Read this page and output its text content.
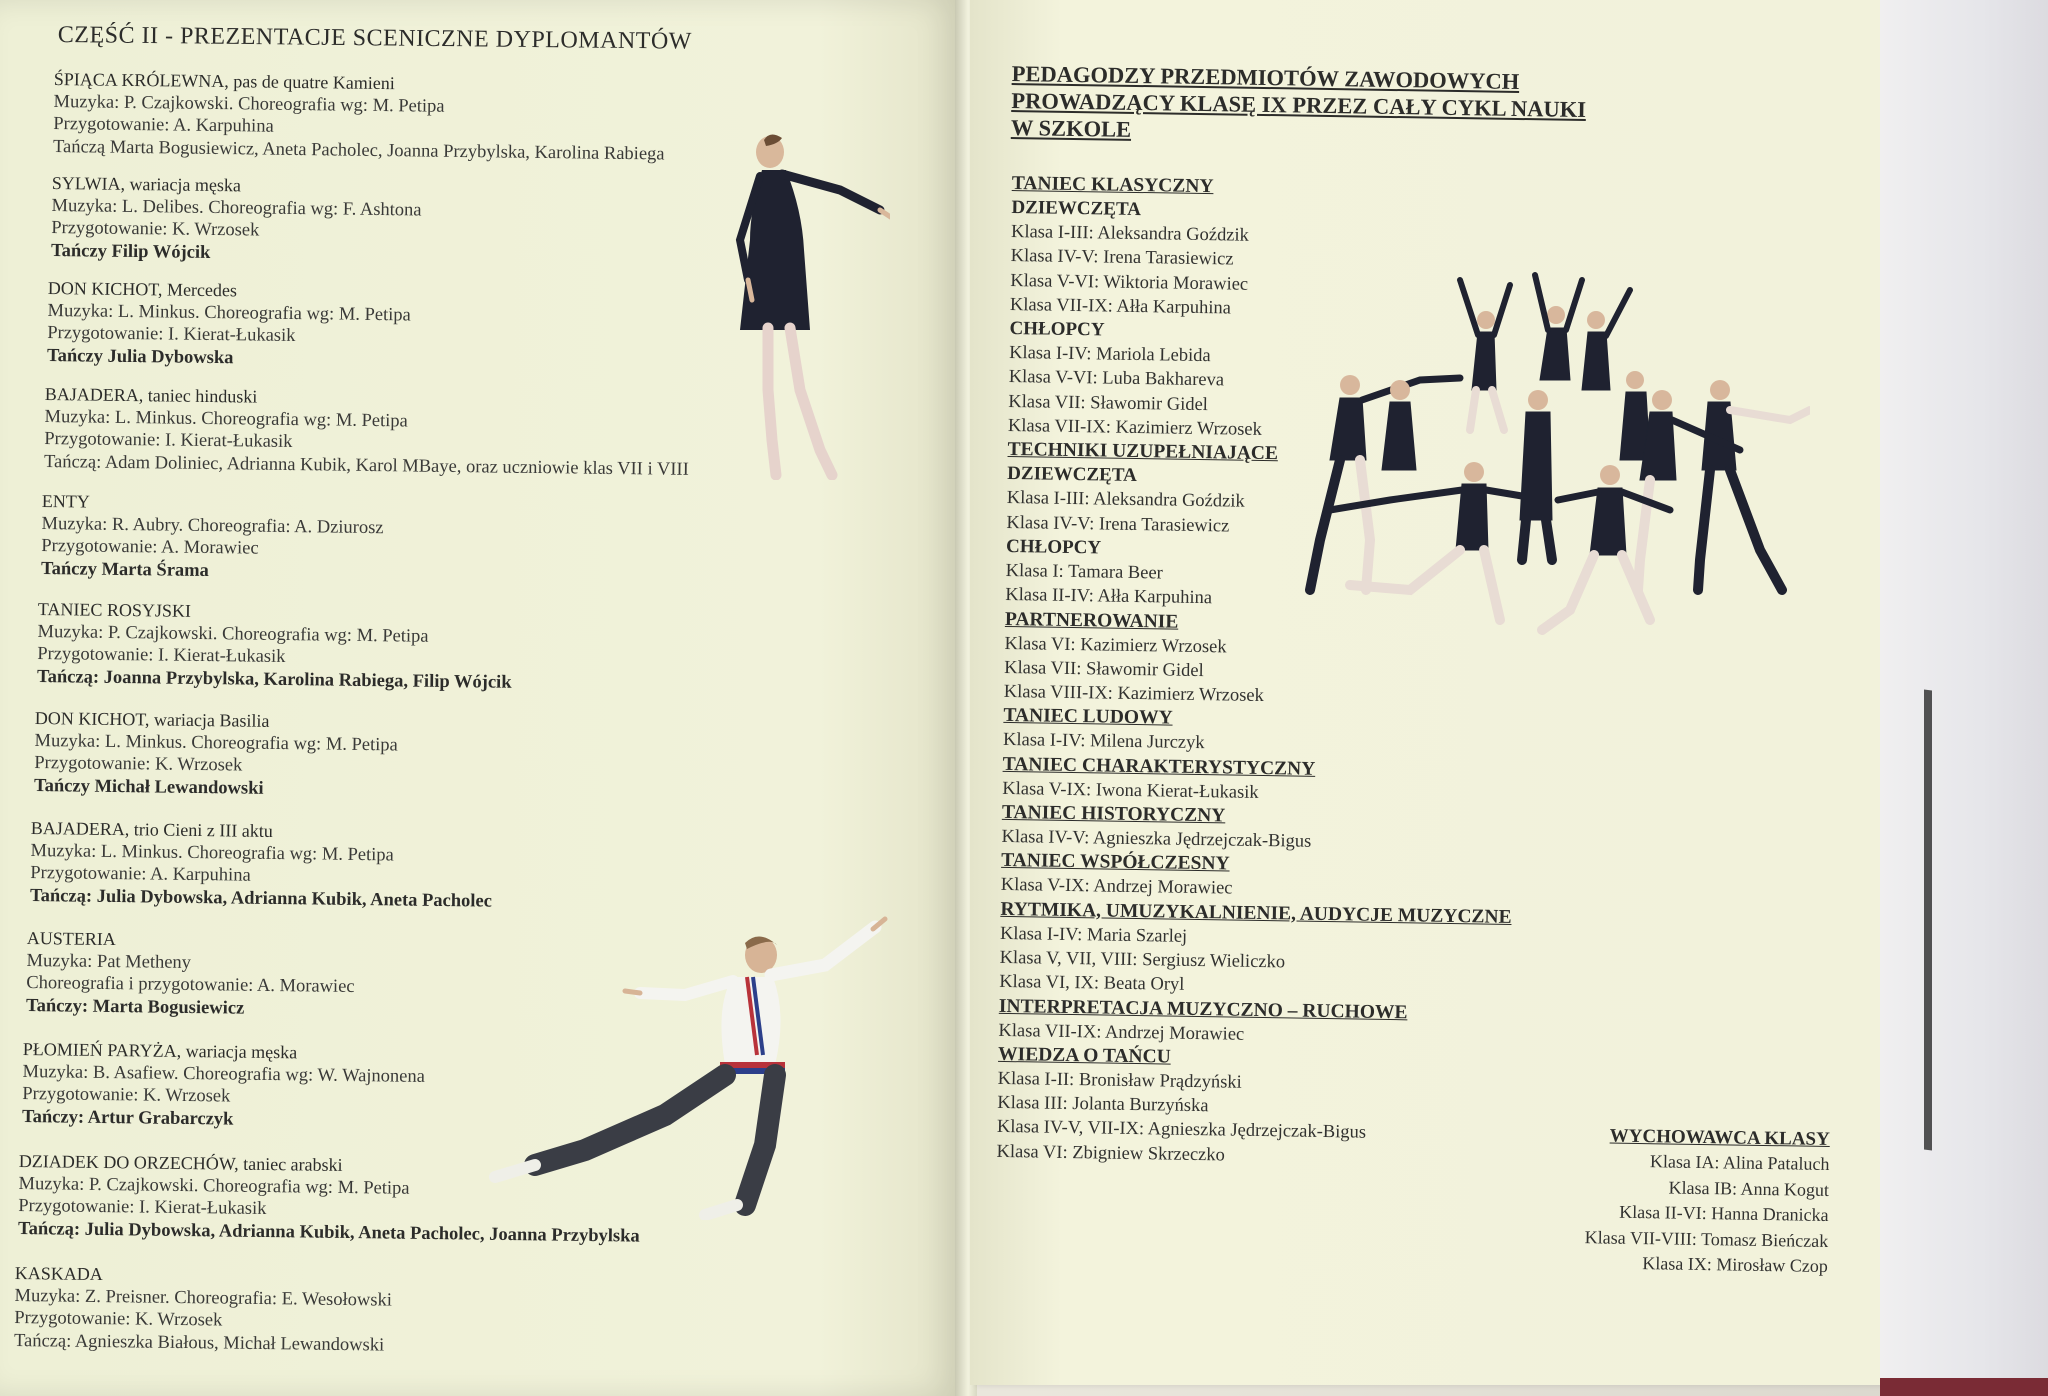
CZĘŚĆ II - PREZENTACJE SCENICZNE DYPLOMANTÓW
ŚPIĄCA KRÓLEWNA, pas de quatre Kamieni
Muzyka: P. Czajkowski. Choreografia wg: M. Petipa
Przygotowanie: A. Karpuhina
Tańczą Marta Bogusiewicz, Aneta Pacholec, Joanna Przybylska, Karolina Rabiega
SYLWIA, wariacja męska
Muzyka: L. Delibes. Choreografia wg: F. Ashtona
Przygotowanie: K. Wrzosek
Tańczy Filip Wójcik
DON KICHOT, Mercedes
Muzyka: L. Minkus. Choreografia wg: M. Petipa
Przygotowanie: I. Kierat-Łukasik
Tańczy Julia Dybowska
BAJADERA, taniec hinduski
Muzyka: L. Minkus. Choreografia wg: M. Petipa
Przygotowanie: I. Kierat-Łukasik
Tańczą: Adam Doliniec, Adrianna Kubik, Karol MBaye, oraz uczniowie klas VII i VIII
ENTY
Muzyka: R. Aubry. Choreografia: A. Dziurosz
Przygotowanie: A. Morawiec
Tańczy Marta Śrama
TANIEC ROSYJSKI
Muzyka: P. Czajkowski. Choreografia wg: M. Petipa
Przygotowanie: I. Kierat-Łukasik
Tańczą: Joanna Przybylska, Karolina Rabiega, Filip Wójcik
DON KICHOT, wariacja Basilia
Muzyka: L. Minkus. Choreografia wg: M. Petipa
Przygotowanie: K. Wrzosek
Tańczy Michał Lewandowski
BAJADERA, trio Cieni z III aktu
Muzyka: L. Minkus. Choreografia wg: M. Petipa
Przygotowanie: A. Karpuhina
Tańczą: Julia Dybowska, Adrianna Kubik, Aneta Pacholec
AUSTERIA
Muzyka: Pat Metheny
Choreografia i przygotowanie: A. Morawiec
Tańczy: Marta Bogusiewicz
PŁOMIEŃ PARYŻA, wariacja męska
Muzyka: B. Asafiew. Choreografia wg: W. Wajnonena
Przygotowanie: K. Wrzosek
Tańczy: Artur Grabarczyk
DZIADEK DO ORZECHÓW, taniec arabski
Muzyka: P. Czajkowski. Choreografia wg: M. Petipa
Przygotowanie: I. Kierat-Łukasik
Tańczą: Julia Dybowska, Adrianna Kubik, Aneta Pacholec, Joanna Przybylska
KASKADA
Muzyka: Z. Preisner. Choreografia: E. Wesołowski
Przygotowanie: K. Wrzosek
Tańczą: Agnieszka Białous, Michał Lewandowski
PEDAGODZY PRZEDMIOTÓW ZAWODOWYCH
PROWADZĄCY KLASĘ IX PRZEZ CAŁY CYKL NAUKI
W SZKOLE
TANIEC KLASYCZNY
DZIEWCZĘTA
Klasa I-III: Aleksandra Goździk
Klasa IV-V: Irena Tarasiewicz
Klasa V-VI: Wiktoria Morawiec
Klasa VII-IX: Ałła Karpuhina
CHŁOPCY
Klasa I-IV: Mariola Lebida
Klasa V-VI: Luba Bakhareva
Klasa VII: Sławomir Gidel
Klasa VII-IX: Kazimierz Wrzosek
TECHNIKI UZUPEŁNIAJĄCE
DZIEWCZĘTA
Klasa I-III: Aleksandra Goździk
Klasa IV-V: Irena Tarasiewicz
CHŁOPCY
Klasa I: Tamara Beer
Klasa II-IV: Ałła Karpuhina
PARTNEROWANIE
Klasa VI: Kazimierz Wrzosek
Klasa VII: Sławomir Gidel
Klasa VIII-IX: Kazimierz Wrzosek
TANIEC LUDOWY
Klasa I-IV: Milena Jurczyk
TANIEC CHARAKTERYSTYCZNY
Klasa V-IX: Iwona Kierat-Łukasik
TANIEC HISTORYCZNY
Klasa IV-V: Agnieszka Jędrzejczak-Bigus
TANIEC WSPÓŁCZESNY
Klasa V-IX: Andrzej Morawiec
RYTMIKA, UMUZYKALNIENIE, AUDYCJE MUZYCZNE
Klasa I-IV: Maria Szarlej
Klasa V, VII, VIII: Sergiusz Wieliczko
Klasa VI, IX: Beata Oryl
INTERPRETACJA MUZYCZNO – RUCHOWE
Klasa VII-IX: Andrzej Morawiec
WIEDZA O TAŃCU
Klasa I-II: Bronisław Prądzyński
Klasa III: Jolanta Burzyńska
Klasa IV-V, VII-IX: Agnieszka Jędrzejczak-Bigus
Klasa VI: Zbigniew Skrzeczko
WYCHOWAWCA KLASY
Klasa IA: Alina Pataluch
Klasa IB: Anna Kogut
Klasa II-VI: Hanna Dranicka
Klasa VII-VIII: Tomasz Bieńczak
Klasa IX: Mirosław Czop
